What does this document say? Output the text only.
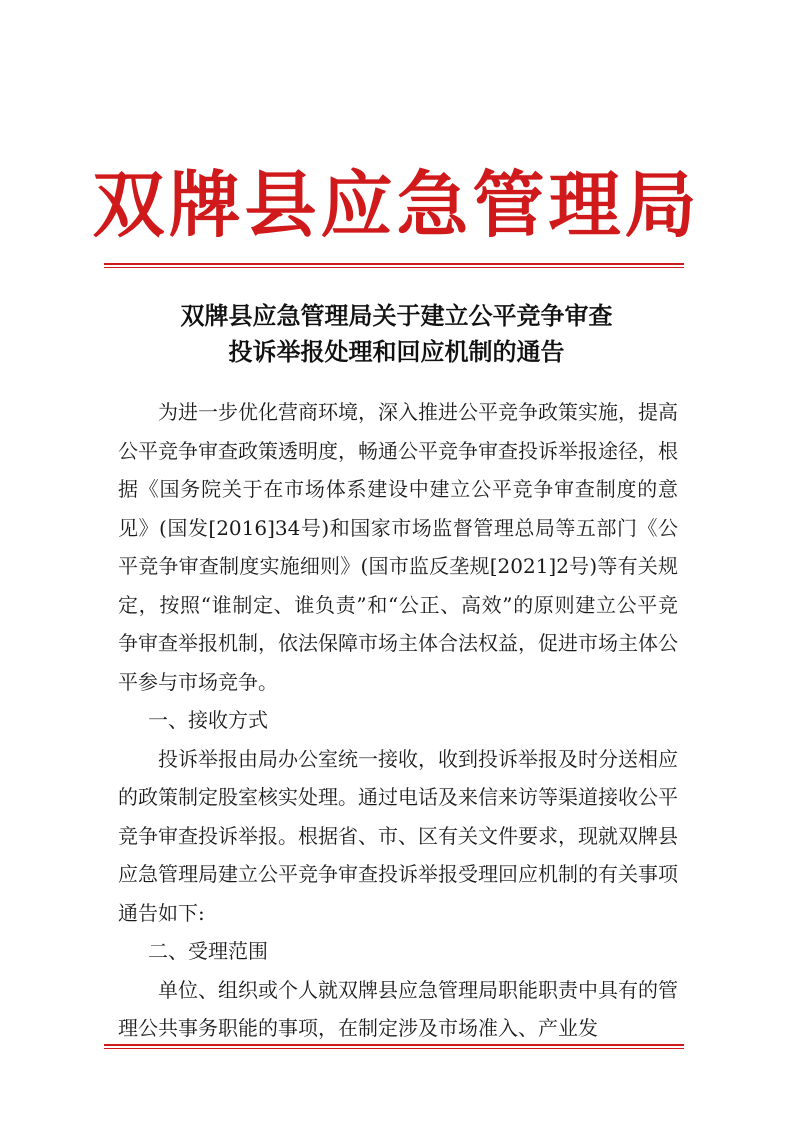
双牌县应急管理局
双牌县应急管理局关于建立公平竞争审查
投诉举报处理和回应机制的通告

为进一步优化营商环境，深入推进公平竞争政策实施，提高公平竞争审查政策透明度，畅通公平竞争审查投诉举报途径，根据《国务院关于在市场体系建设中建立公平竞争审查制度的意见》(国发[2016]34号)和国家市场监督管理总局等五部门《公平竞争审查制度实施细则》(国市监反垄规[2021]2号)等有关规定，按照“谁制定、谁负责”和“公正、高效”的原则建立公平竞争审查举报机制，依法保障市场主体合法权益，促进市场主体公平参与市场竞争。

一、接收方式

投诉举报由局办公室统一接收，收到投诉举报及时分送相应的政策制定股室核实处理。通过电话及来信来访等渠道接收公平竞争审查投诉举报。根据省、市、区有关文件要求，现就双牌县应急管理局建立公平竞争审查投诉举报受理回应机制的有关事项通告如下:

二、受理范围

单位、组织或个人就双牌县应急管理局职能职责中具有的管理公共事务职能的事项，在制定涉及市场准入、产业发
